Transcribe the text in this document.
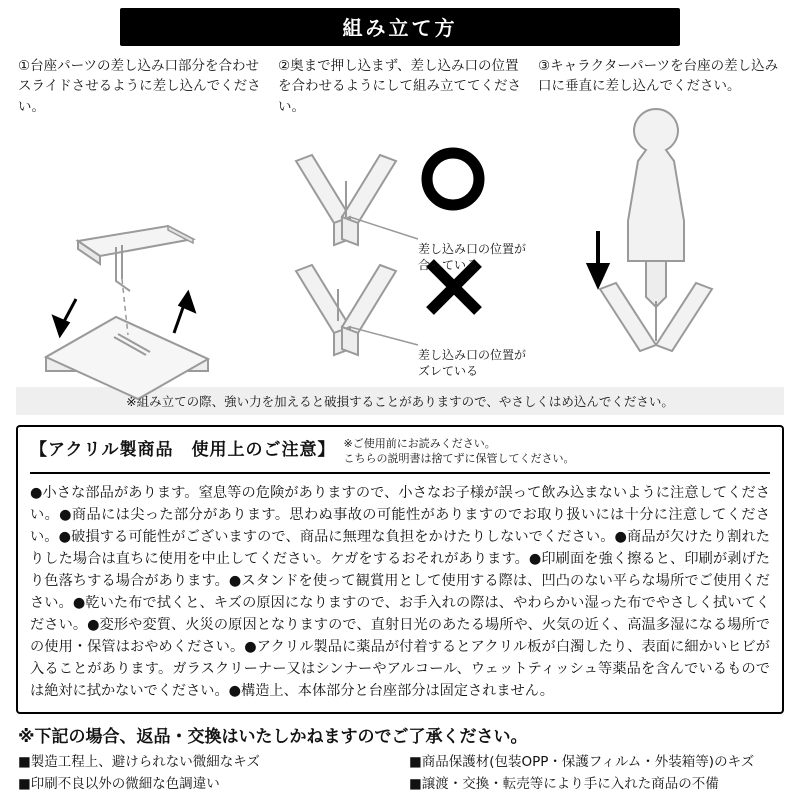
組み立て方
①台座パーツの差し込み口部分を合わせスライドさせるように差し込んでください。
②奥まで押し込まず、差し込み口の位置を合わせるようにして組み立ててください。
差し込み口の位置が合っている
差し込み口の位置がズレている
③キャラクターパーツを台座の差し込み口に垂直に差し込んでください。
※組み立ての際、強い力を加えると破損することがありますので、やさしくはめ込んでください。
【アクリル製商品　使用上のご注意】 ※ご使用前にお読みください。
こちらの説明書は捨てずに保管してください。
●小さな部品があります。窒息等の危険がありますので、小さなお子様が誤って飲み込まないように注意してください。●商品には尖った部分があります。思わぬ事故の可能性がありますのでお取り扱いには十分に注意してください。●破損する可能性がございますので、商品に無理な負担をかけたりしないでください。●商品が欠けたり割れたりした場合は直ちに使用を中止してください。ケガをするおそれがあります。●印刷面を強く擦ると、印刷が剥げたり色落ちする場合があります。●スタンドを使って観賞用として使用する際は、凹凸のない平らな場所でご使用ください。●乾いた布で拭くと、キズの原因になりますので、お手入れの際は、やわらかい湿った布でやさしく拭いてください。●変形や変質、火災の原因となりますので、直射日光のあたる場所や、火気の近く、高温多湿になる場所での使用・保管はおやめください。●アクリル製品に薬品が付着するとアクリル板が白濁したり、表面に細かいヒビが入ることがあります。ガラスクリーナー又はシンナーやアルコール、ウェットティッシュ等薬品を含んでいるものでは絶対に拭かないでください。●構造上、本体部分と台座部分は固定されません。
※下記の場合、返品・交換はいたしかねますのでご了承ください。
■製造工程上、避けられない微細なキズ
■印刷不良以外の微細な色調違い
■商品保護材(包装OPP・保護フィルム・外装箱等)のキズ
■譲渡・交換・転売等により手に入れた商品の不備
